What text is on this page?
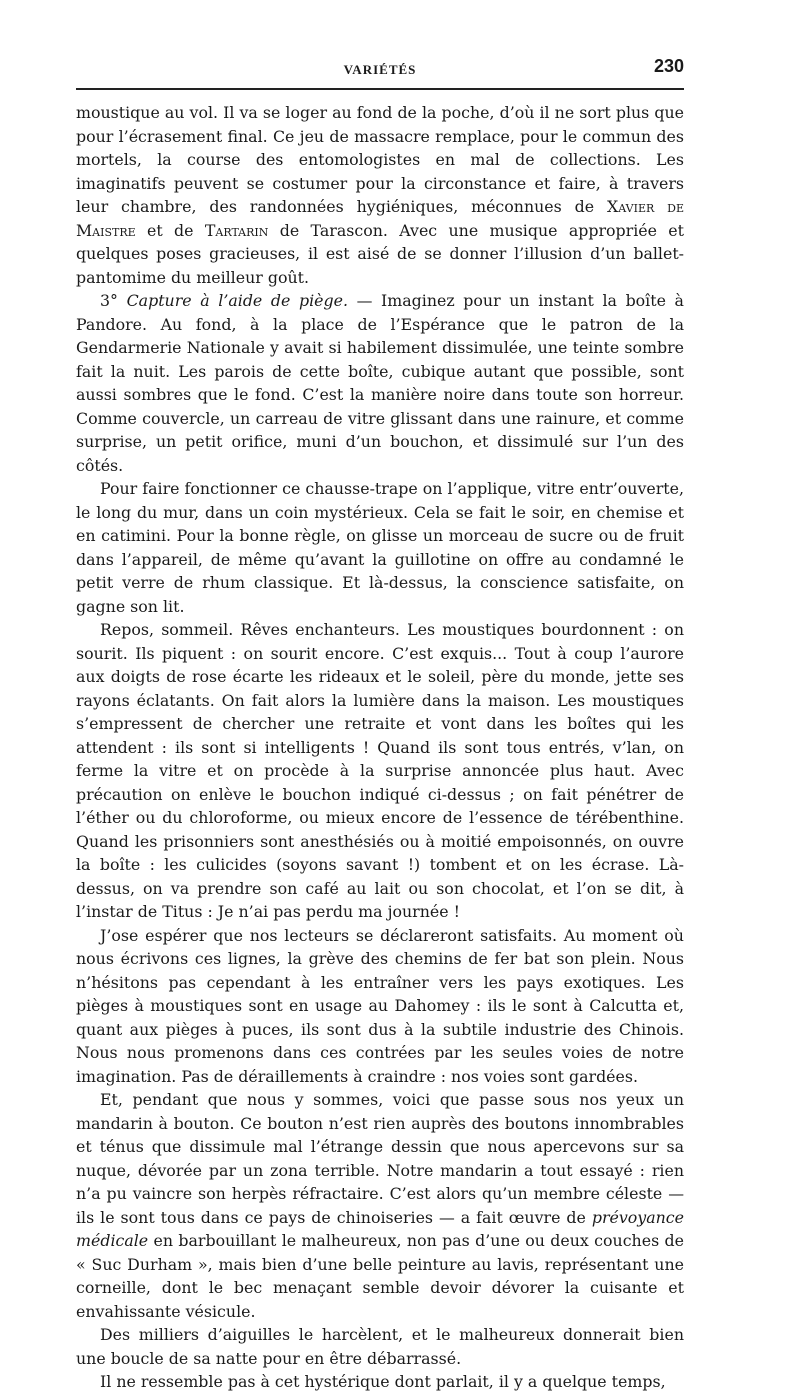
VARIÉTÉS	230

moustique au vol. Il va se loger au fond de la poche, d’où il ne sort plus que pour l’écrasement final. Ce jeu de massacre remplace, pour le commun des mortels, la course des entomologistes en mal de collections. Les imaginatifs peuvent se costumer pour la circonstance et faire, à travers leur chambre, des randonnées hygiéniques, méconnues de Xavier de Maistre et de Tartarin de Tarascon. Avec une musique appropriée et quelques poses gracieuses, il est aisé de se donner l’illusion d’un ballet-pantomime du meilleur goût.

3° Capture à l’aide de piège. — Imaginez pour un instant la boîte à Pandore. Au fond, à la place de l’Espérance que le patron de la Gendarmerie Nationale y avait si habilement dissimulée, une teinte sombre fait la nuit. Les parois de cette boîte, cubique autant que possible, sont aussi sombres que le fond. C’est la manière noire dans toute son horreur. Comme couvercle, un carreau de vitre glissant dans une rainure, et comme surprise, un petit orifice, muni d’un bouchon, et dissimulé sur l’un des côtés.

Pour faire fonctionner ce chausse-trape on l’applique, vitre entr’ouverte, le long du mur, dans un coin mystérieux. Cela se fait le soir, en chemise et en catimini. Pour la bonne règle, on glisse un morceau de sucre ou de fruit dans l’appareil, de même qu’avant la guillotine on offre au condamné le petit verre de rhum classique. Et là-dessus, la conscience satisfaite, on gagne son lit.

Repos, sommeil. Rêves enchanteurs. Les moustiques bourdonnent : on sourit. Ils piquent : on sourit encore. C’est exquis... Tout à coup l’aurore aux doigts de rose écarte les rideaux et le soleil, père du monde, jette ses rayons éclatants. On fait alors la lumière dans la maison. Les moustiques s’empressent de chercher une retraite et vont dans les boîtes qui les attendent : ils sont si intelligents ! Quand ils sont tous entrés, v’lan, on ferme la vitre et on procède à la surprise annoncée plus haut. Avec précaution on enlève le bouchon indiqué ci-dessus ; on fait pénétrer de l’éther ou du chloroforme, ou mieux encore de l’essence de térébenthine. Quand les prisonniers sont anesthésiés ou à moitié empoisonnés, on ouvre la boîte : les culicides (soyons savant !) tombent et on les écrase. Là-dessus, on va prendre son café au lait ou son chocolat, et l’on se dit, à l’instar de Titus : Je n’ai pas perdu ma journée !

J’ose espérer que nos lecteurs se déclareront satisfaits. Au moment où nous écrivons ces lignes, la grève des chemins de fer bat son plein. Nous n’hésitons pas cependant à les entraîner vers les pays exotiques. Les pièges à moustiques sont en usage au Dahomey : ils le sont à Calcutta et, quant aux pièges à puces, ils sont dus à la subtile industrie des Chinois. Nous nous promenons dans ces contrées par les seules voies de notre imagination. Pas de déraillements à craindre : nos voies sont gardées.

Et, pendant que nous y sommes, voici que passe sous nos yeux un mandarin à bouton. Ce bouton n’est rien auprès des boutons innombrables et ténus que dissimule mal l’étrange dessin que nous apercevons sur sa nuque, dévorée par un zona terrible. Notre mandarin a tout essayé : rien n’a pu vaincre son herpès réfractaire. C’est alors qu’un membre céleste — ils le sont tous dans ce pays de chinoiseries — a fait œuvre de prévoyance médicale en barbouillant le malheureux, non pas d’une ou deux couches de « Suc Durham », mais bien d’une belle peinture au lavis, représentant une corneille, dont le bec menaçant semble devoir dévorer la cuisante et envahissante vésicule.

Des milliers d’aiguilles le harcèlent, et le malheureux donnerait bien une boucle de sa natte pour en être débarrassé.

Il ne ressemble pas à cet hystérique dont parlait, il y a quelque temps,
